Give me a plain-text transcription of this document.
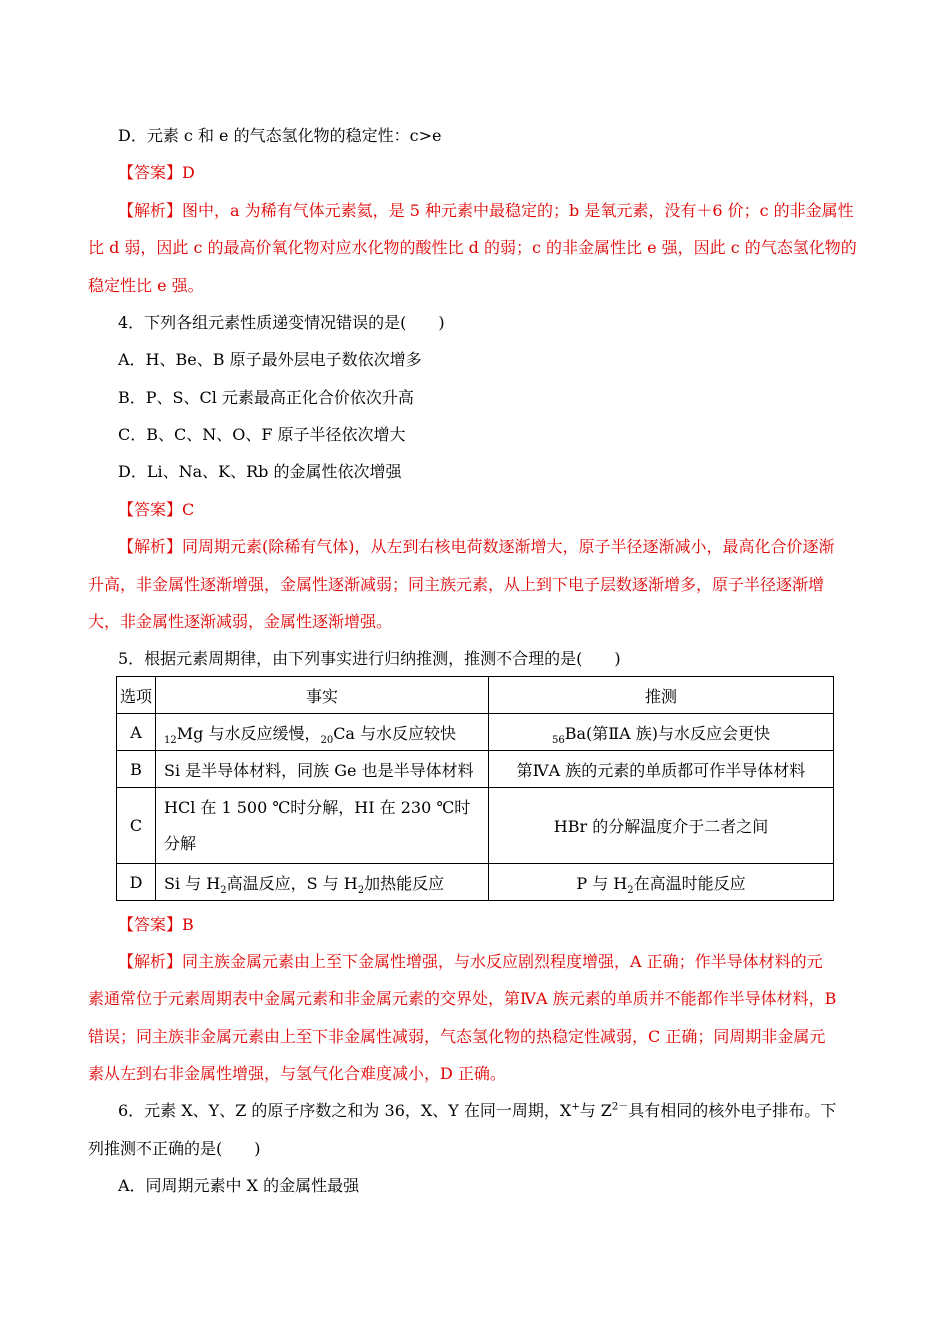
D．元素 c 和 e 的气态氢化物的稳定性：c>e
【答案】D
【解析】图中，a 为稀有气体元素氦，是 5 种元素中最稳定的；b 是氧元素，没有＋6 价；c 的非金属性
比 d 弱，因此 c 的最高价氧化物对应水化物的酸性比 d 的弱；c 的非金属性比 e 强，因此 c 的气态氢化物的
稳定性比 e 强。
4．下列各组元素性质递变情况错误的是(　　)
A．H、Be、B 原子最外层电子数依次增多
B．P、S、Cl 元素最高正化合价依次升高
C．B、C、N、O、F 原子半径依次增大
D．Li、Na、K、Rb 的金属性依次增强
【答案】C
【解析】同周期元素(除稀有气体)，从左到右核电荷数逐渐增大，原子半径逐渐减小，最高化合价逐渐
升高，非金属性逐渐增强，金属性逐渐减弱；同主族元素，从上到下电子层数逐渐增多，原子半径逐渐增
大，非金属性逐渐减弱，金属性逐渐增强。
5．根据元素周期律，由下列事实进行归纳推测，推测不合理的是(　　)
选项	事实	推测
A	$_{12}$Mg 与水反应缓慢，$_{20}$Ca 与水反应较快	$_{56}$Ba(第ⅡA 族)与水反应会更快
B	Si 是半导体材料，同族 Ge 也是半导体材料	第ⅣA 族的元素的单质都可作半导体材料
C	HCl 在 1 500 ℃时分解，HI 在 230 ℃时分解	HBr 的分解温度介于二者之间
D	Si 与 $H_2$高温反应，S 与 $H_2$加热能反应	P 与 $H_2$在高温时能反应
【答案】B
【解析】同主族金属元素由上至下金属性增强，与水反应剧烈程度增强，A 正确；作半导体材料的元
素通常位于元素周期表中金属元素和非金属元素的交界处，第ⅣA 族元素的单质并不能都作半导体材料，B
错误；同主族非金属元素由上至下非金属性减弱，气态氢化物的热稳定性减弱，C 正确；同周期非金属元
素从左到右非金属性增强，与氢气化合难度减小，D 正确。
6．元素 X、Y、Z 的原子序数之和为 36，X、Y 在同一周期，X+与 $Z^{2-}$具有相同的核外电子排布。下
列推测不正确的是(　　)
A．同周期元素中 X 的金属性最强
